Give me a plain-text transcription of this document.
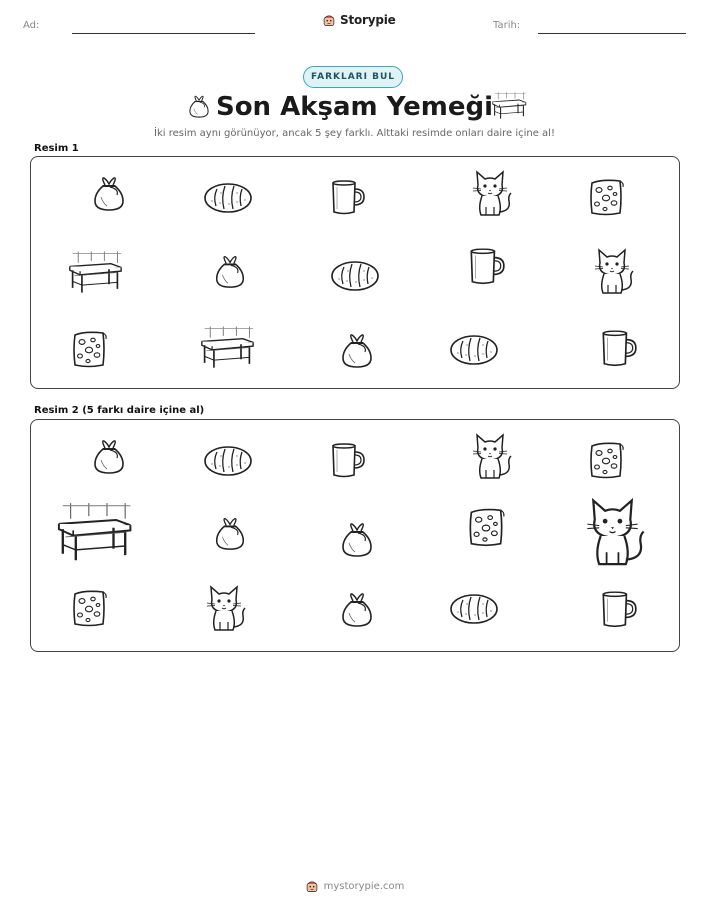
Ad:	Storypie	Tarih:
FARKLARI BUL
Son Akşam Yemeği
İki resim aynı görünüyor, ancak 5 şey farklı. Alttaki resimde onları daire içine al!
Resim 1
Resim 2 (5 farkı daire içine al)
mystorypie.com
